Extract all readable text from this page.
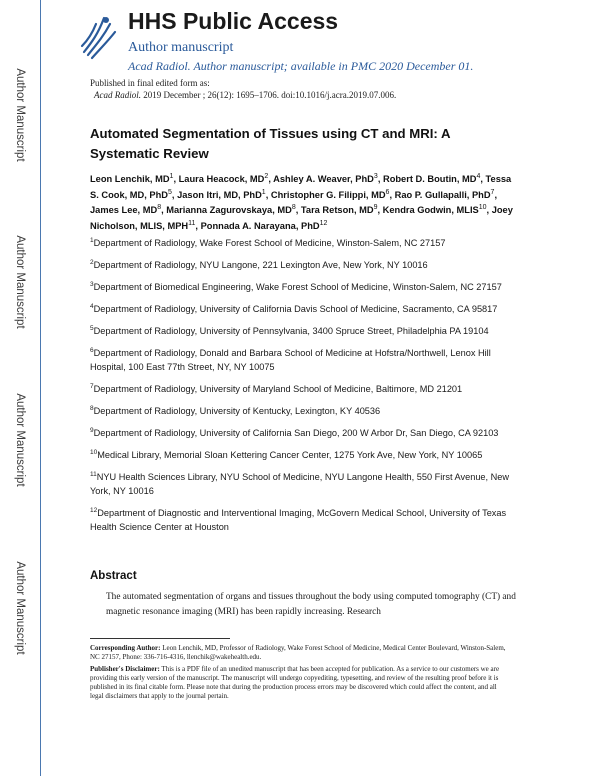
Author Manuscript
Author Manuscript
Author Manuscript
Author Manuscript
HHS Public Access
Author manuscript
Acad Radiol. Author manuscript; available in PMC 2020 December 01.
Published in final edited form as:
Acad Radiol. 2019 December ; 26(12): 1695–1706. doi:10.1016/j.acra.2019.07.006.
Automated Segmentation of Tissues using CT and MRI: A Systematic Review
Leon Lenchik, $MD^1$, Laura Heacock, $MD^2$, Ashley A. Weaver, PhD$^3$, Robert D. Boutin, $MD^4$, Tessa S. Cook, MD, PhD$^5$, Jason Itri, MD, PhD$^1$, Christopher G. Filippi, $MD^6$, Rao P. Gullapalli, PhD$^7$, James Lee, $MD^8$, Marianna Zagurovskaya, $MD^8$, Tara Retson, $MD^9$, Kendra Godwin, MLIS$^{10}$, Joey Nicholson, MLIS, MPH$^{11}$, Ponnada A. Narayana, PhD$^{12}$
$^1$Department of Radiology, Wake Forest School of Medicine, Winston-Salem, NC 27157
$^2$Department of Radiology, NYU Langone, 221 Lexington Ave, New York, NY 10016
$^3$Department of Biomedical Engineering, Wake Forest School of Medicine, Winston-Salem, NC 27157
$^4$Department of Radiology, University of California Davis School of Medicine, Sacramento, CA 95817
$^5$Department of Radiology, University of Pennsylvania, 3400 Spruce Street, Philadelphia PA 19104
$^6$Department of Radiology, Donald and Barbara School of Medicine at Hofstra/Northwell, Lenox Hill Hospital, 100 East 77th Street, NY, NY 10075
$^7$Department of Radiology, University of Maryland School of Medicine, Baltimore, MD 21201
$^8$Department of Radiology, University of Kentucky, Lexington, KY 40536
$^9$Department of Radiology, University of California San Diego, 200 W Arbor Dr, San Diego, CA 92103
$^{10}$Medical Library, Memorial Sloan Kettering Cancer Center, 1275 York Ave, New York, NY 10065
$^{11}$NYU Health Sciences Library, NYU School of Medicine, NYU Langone Health, 550 First Avenue, New York, NY 10016
$^{12}$Department of Diagnostic and Interventional Imaging, McGovern Medical School, University of Texas Health Science Center at Houston
Abstract
The automated segmentation of organs and tissues throughout the body using computed tomography (CT) and magnetic resonance imaging (MRI) has been rapidly increasing. Research

Corresponding Author: Leon Lenchik, MD, Professor of Radiology, Wake Forest School of Medicine, Medical Center Boulevard, Winston-Salem, NC 27157, Phone: 336-716-4316, llenchik@wakehealth.edu.

Publisher's Disclaimer: This is a PDF file of an unedited manuscript that has been accepted for publication. As a service to our customers we are providing this early version of the manuscript. The manuscript will undergo copyediting, typesetting, and review of the resulting proof before it is published in its final citable form. Please note that during the production process errors may be discovered which could affect the content, and all legal disclaimers that apply to the journal pertain.
